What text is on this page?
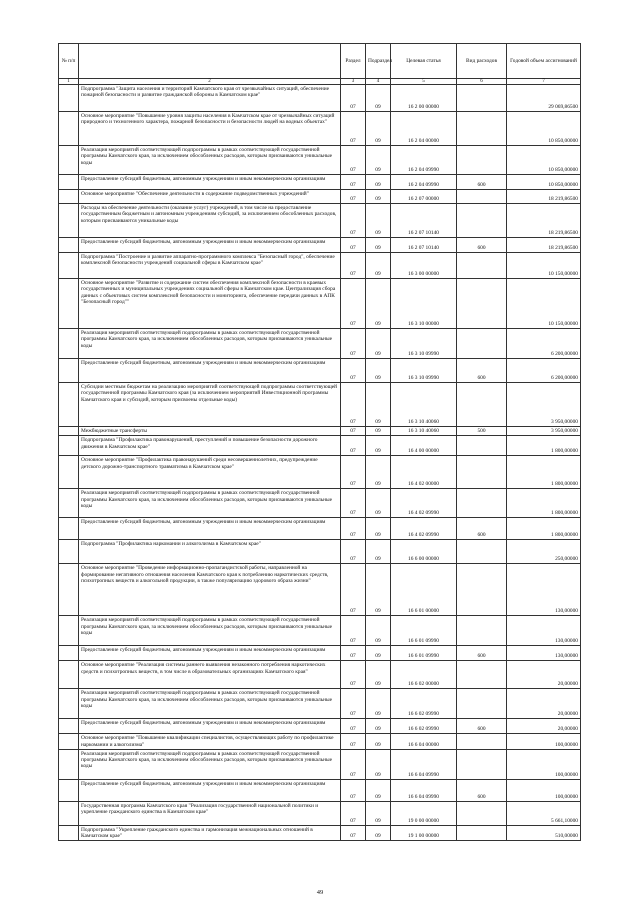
№ п/п		Раздел	Подраздел	Целевая статья	Вид расходов	Годовой объем ассигнований
1	2	3	4	5	6	7
	Подпрограмма "Защита населения и территорий Камчатского края от чрезвычайных ситуаций, обеспечение пожарной безопасности и развитие гражданской обороны в Камчатском крае"	07	09	16 2 00 00000		29 069,86500
	Основное мероприятие "Повышение уровня защиты населения в Камчатском крае от чрезвычайных ситуаций природного и техногенного характера, пожарной безопасности и безопасности людей на водных объектах"	07	09	16 2 04 00000		10 850,00000
	Реализация мероприятий соответствующей подпрограммы в рамках соответствующей государственной программы Камчатского края, за исключением обособленных расходов, которым присваиваются уникальные коды	07	09	16 2 04 09990		10 850,00000
	Предоставление субсидий бюджетным, автономным учреждениям и иным некоммерческим организациям	07	09	16 2 04 09990	600	10 850,00000
	Основное мероприятие "Обеспечение деятельности в содержание подведомственных учреждений"	07	09	16 2 07 00000		18 219,86500
	Расходы на обеспечение деятельности (оказание услуг) учреждений, в том числе на предоставление государственным бюджетным и автономным учреждениям субсидий, за исключением обособленных расходов, которым присваиваются уникальные коды	07	09	16 2 07 10140		18 219,86500
	Предоставление субсидий бюджетным, автономным учреждениям и иным некоммерческим организациям	07	09	16 2 07 10140	600	18 219,86500
	Подпрограмма "Построение и развитие аппаратно-программного комплекса "Безопасный город", обеспечение комплексной безопасности учреждений социальной сферы в Камчатском крае"	07	09	16 3 00 00000		10 150,00000
	Основное мероприятие "Развитие и содержание систем обеспечения комплексной безопасности в краевых государственных и муниципальных учреждениях социальной сферы в Камчатском крае. Централизация сбора данных с объектовых систем комплексной безопасности и мониторинга, обеспечение передачи данных в АПК "Безопасный город""	07	09	16 3 10 00000		10 150,00000
	Реализация мероприятий соответствующей подпрограммы в рамках соответствующей государственной программы Камчатского края, за исключением обособленных расходов, которым присваиваются уникальные коды	07	09	16 3 10 09990		6 200,00000
	Предоставление субсидий бюджетным, автономным учреждениям и иным некоммерческим организациям	07	09	16 3 10 09990	600	6 200,00000
	Субсидии местным бюджетам на реализацию мероприятий соответствующей подпрограммы соответствующей государственной программы Камчатского края (за исключением мероприятий Инвестиционной программы Камчатского края и субсидий, которым присвоены отдельные коды)	07	09	16 3 10 40060		3 950,00000
	Межбюджетные трансферты	07	09	16 3 10 40060	500	3 950,00000
	Подпрограмма "Профилактика правонарушений, преступлений и повышение безопасности дорожного движения в Камчатском крае"	07	09	16 4 00 00000		1 800,00000
	Основное мероприятие "Профилактика правонарушений среди несовершеннолетних, предупреждение детского дорожно-транспортного травматизма в Камчатском крае"	07	09	16 4 02 00000		1 800,00000
	Реализация мероприятий соответствующей подпрограммы в рамках соответствующей государственной программы Камчатского края, за исключением обособленных расходов, которым присваиваются уникальные коды	07	09	16 4 02 09990		1 800,00000
	Предоставление субсидий бюджетным, автономным учреждениям и иным некоммерческим организациям	07	09	16 4 02 09990	600	1 800,00000
	Подпрограмма "Профилактика наркомании и алкоголизма в Камчатском крае"	07	09	16 6 00 00000		250,00000
	Основное мероприятие "Проведение информационно-пропагандистской работы, направленной на формирование негативного отношения населения Камчатского края к потреблению наркотических средств, психотропных веществ и алкогольной продукции, в также популяризацию здорового образа жизни"	07	09	16 6 01 00000		130,00000
	Реализация мероприятий соответствующей подпрограммы в рамках соответствующей государственной программы Камчатского края, за исключением обособленных расходов, которым присваиваются уникальные коды	07	09	16 6 01 09990		130,00000
	Предоставление субсидий бюджетным, автономным учреждениям и иным некоммерческим организациям	07	09	16 6 01 09990	600	130,00000
	Основное мероприятие "Реализация системы раннего выявления незаконного потребления наркотических средств и психотропных веществ, в том числе в образовательных организациях Камчатского края"	07	09	16 6 02 00000		20,00000
	Реализация мероприятий соответствующей подпрограммы в рамках соответствующей государственной программы Камчатского края, за исключением обособленных расходов, которым присваиваются уникальные коды	07	09	16 6 02 09990		20,00000
	Предоставление субсидий бюджетным, автономным учреждениям и иным некоммерческим организациям	07	09	16 6 02 09990	600	20,00000
	Основное мероприятие "Повышение квалификации специалистов, осуществляющих работу по профилактике наркомании и алкоголизма"	07	09	16 6 04 00000		100,00000
	Реализация мероприятий соответствующей подпрограммы в рамках соответствующей государственной программы Камчатского края, за исключением обособленных расходов, которым присваиваются уникальные коды	07	09	16 6 04 09990		100,00000
	Предоставление субсидий бюджетным, автономным учреждениям и иным некоммерческим организациям	07	09	16 6 04 09990	600	100,00000
	Государственная программа Камчатского края "Реализация государственной национальной политики и укрепление гражданского единства в Камчатском крае"	07	09	19 0 00 00000		5 661,10000
	Подпрограмма "Укрепление гражданского единства и гармонизация межнациональных отношений в Камчатском крае"	07	09	19 1 00 00000		510,00000
49
